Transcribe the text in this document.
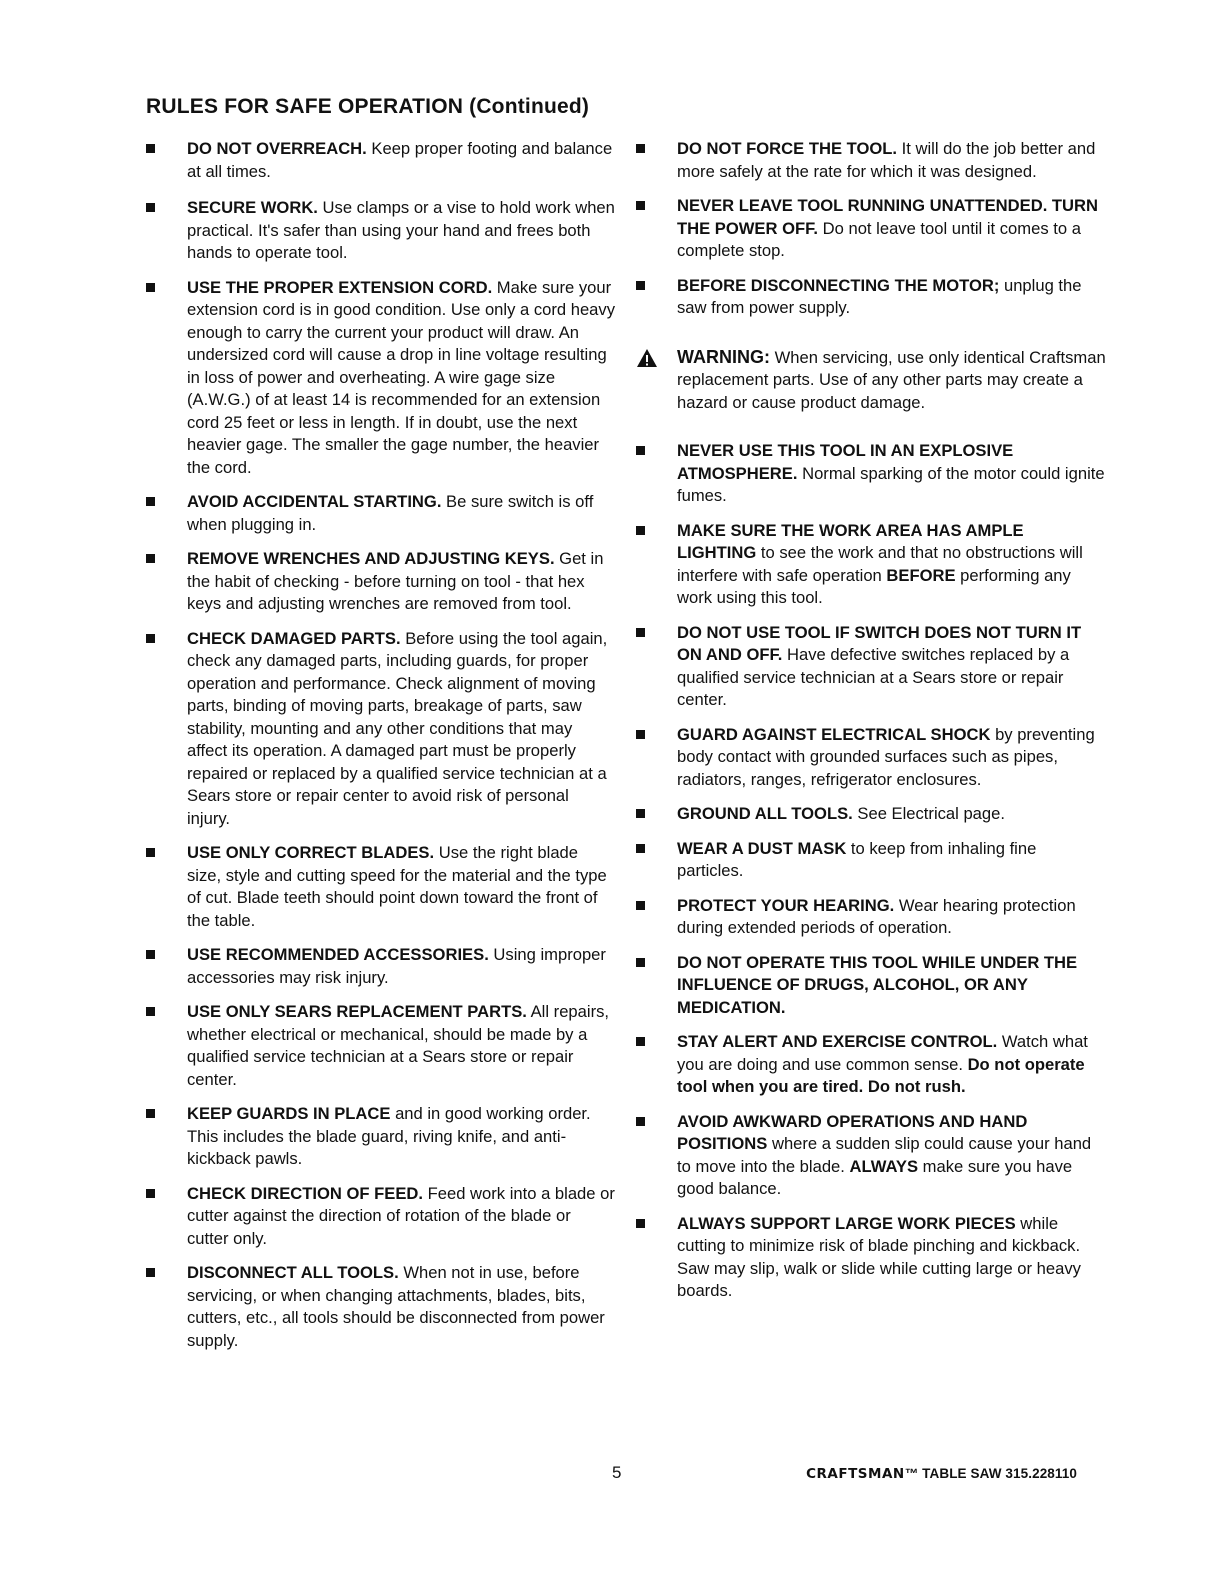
RULES FOR SAFE OPERATION (Continued)
DO NOT OVERREACH. Keep proper footing and balance at all times.
SECURE WORK. Use clamps or a vise to hold work when practical. It's safer than using your hand and frees both hands to operate tool.
USE THE PROPER EXTENSION CORD. Make sure your extension cord is in good condition. Use only a cord heavy enough to carry the current your product will draw. An undersized cord will cause a drop in line voltage resulting in loss of power and overheating. A wire gage size (A.W.G.) of at least 14 is recommended for an extension cord 25 feet or less in length. If in doubt, use the next heavier gage. The smaller the gage number, the heavier the cord.
AVOID ACCIDENTAL STARTING. Be sure switch is off when plugging in.
REMOVE WRENCHES AND ADJUSTING KEYS. Get in the habit of checking - before turning on tool - that hex keys and adjusting wrenches are removed from tool.
CHECK DAMAGED PARTS. Before using the tool again, check any damaged parts, including guards, for proper operation and performance. Check alignment of moving parts, binding of moving parts, breakage of parts, saw stability, mounting and any other conditions that may affect its operation. A damaged part must be properly repaired or replaced by a qualified service technician at a Sears store or repair center to avoid risk of personal injury.
USE ONLY CORRECT BLADES. Use the right blade size, style and cutting speed for the material and the type of cut. Blade teeth should point down toward the front of the table.
USE RECOMMENDED ACCESSORIES. Using improper accessories may risk injury.
USE ONLY SEARS REPLACEMENT PARTS. All repairs, whether electrical or mechanical, should be made by a qualified service technician at a Sears store or repair center.
KEEP GUARDS IN PLACE and in good working order. This includes the blade guard, riving knife, and anti-kickback pawls.
CHECK DIRECTION OF FEED. Feed work into a blade or cutter against the direction of rotation of the blade or cutter only.
DISCONNECT ALL TOOLS. When not in use, before servicing, or when changing attachments, blades, bits, cutters, etc., all tools should be disconnected from power supply.
DO NOT FORCE THE TOOL. It will do the job better and more safely at the rate for which it was designed.
NEVER LEAVE TOOL RUNNING UNATTENDED. TURN THE POWER OFF. Do not leave tool until it comes to a complete stop.
BEFORE DISCONNECTING THE MOTOR; unplug the saw from power supply.
WARNING: When servicing, use only identical Craftsman replacement parts. Use of any other parts may create a hazard or cause product damage.
NEVER USE THIS TOOL IN AN EXPLOSIVE ATMOSPHERE. Normal sparking of the motor could ignite fumes.
MAKE SURE THE WORK AREA HAS AMPLE LIGHTING to see the work and that no obstructions will interfere with safe operation BEFORE performing any work using this tool.
DO NOT USE TOOL IF SWITCH DOES NOT TURN IT ON AND OFF. Have defective switches replaced by a qualified service technician at a Sears store or repair center.
GUARD AGAINST ELECTRICAL SHOCK by preventing body contact with grounded surfaces such as pipes, radiators, ranges, refrigerator enclosures.
GROUND ALL TOOLS. See Electrical page.
WEAR A DUST MASK to keep from inhaling fine particles.
PROTECT YOUR HEARING. Wear hearing protection during extended periods of operation.
DO NOT OPERATE THIS TOOL WHILE UNDER THE INFLUENCE OF DRUGS, ALCOHOL, OR ANY MEDICATION.
STAY ALERT AND EXERCISE CONTROL. Watch what you are doing and use common sense. Do not operate tool when you are tired. Do not rush.
AVOID AWKWARD OPERATIONS AND HAND POSITIONS where a sudden slip could cause your hand to move into the blade. ALWAYS make sure you have good balance.
ALWAYS SUPPORT LARGE WORK PIECES while cutting to minimize risk of blade pinching and kickback. Saw may slip, walk or slide while cutting large or heavy boards.

5	CRAFTSMAN™ TABLE SAW 315.228110
